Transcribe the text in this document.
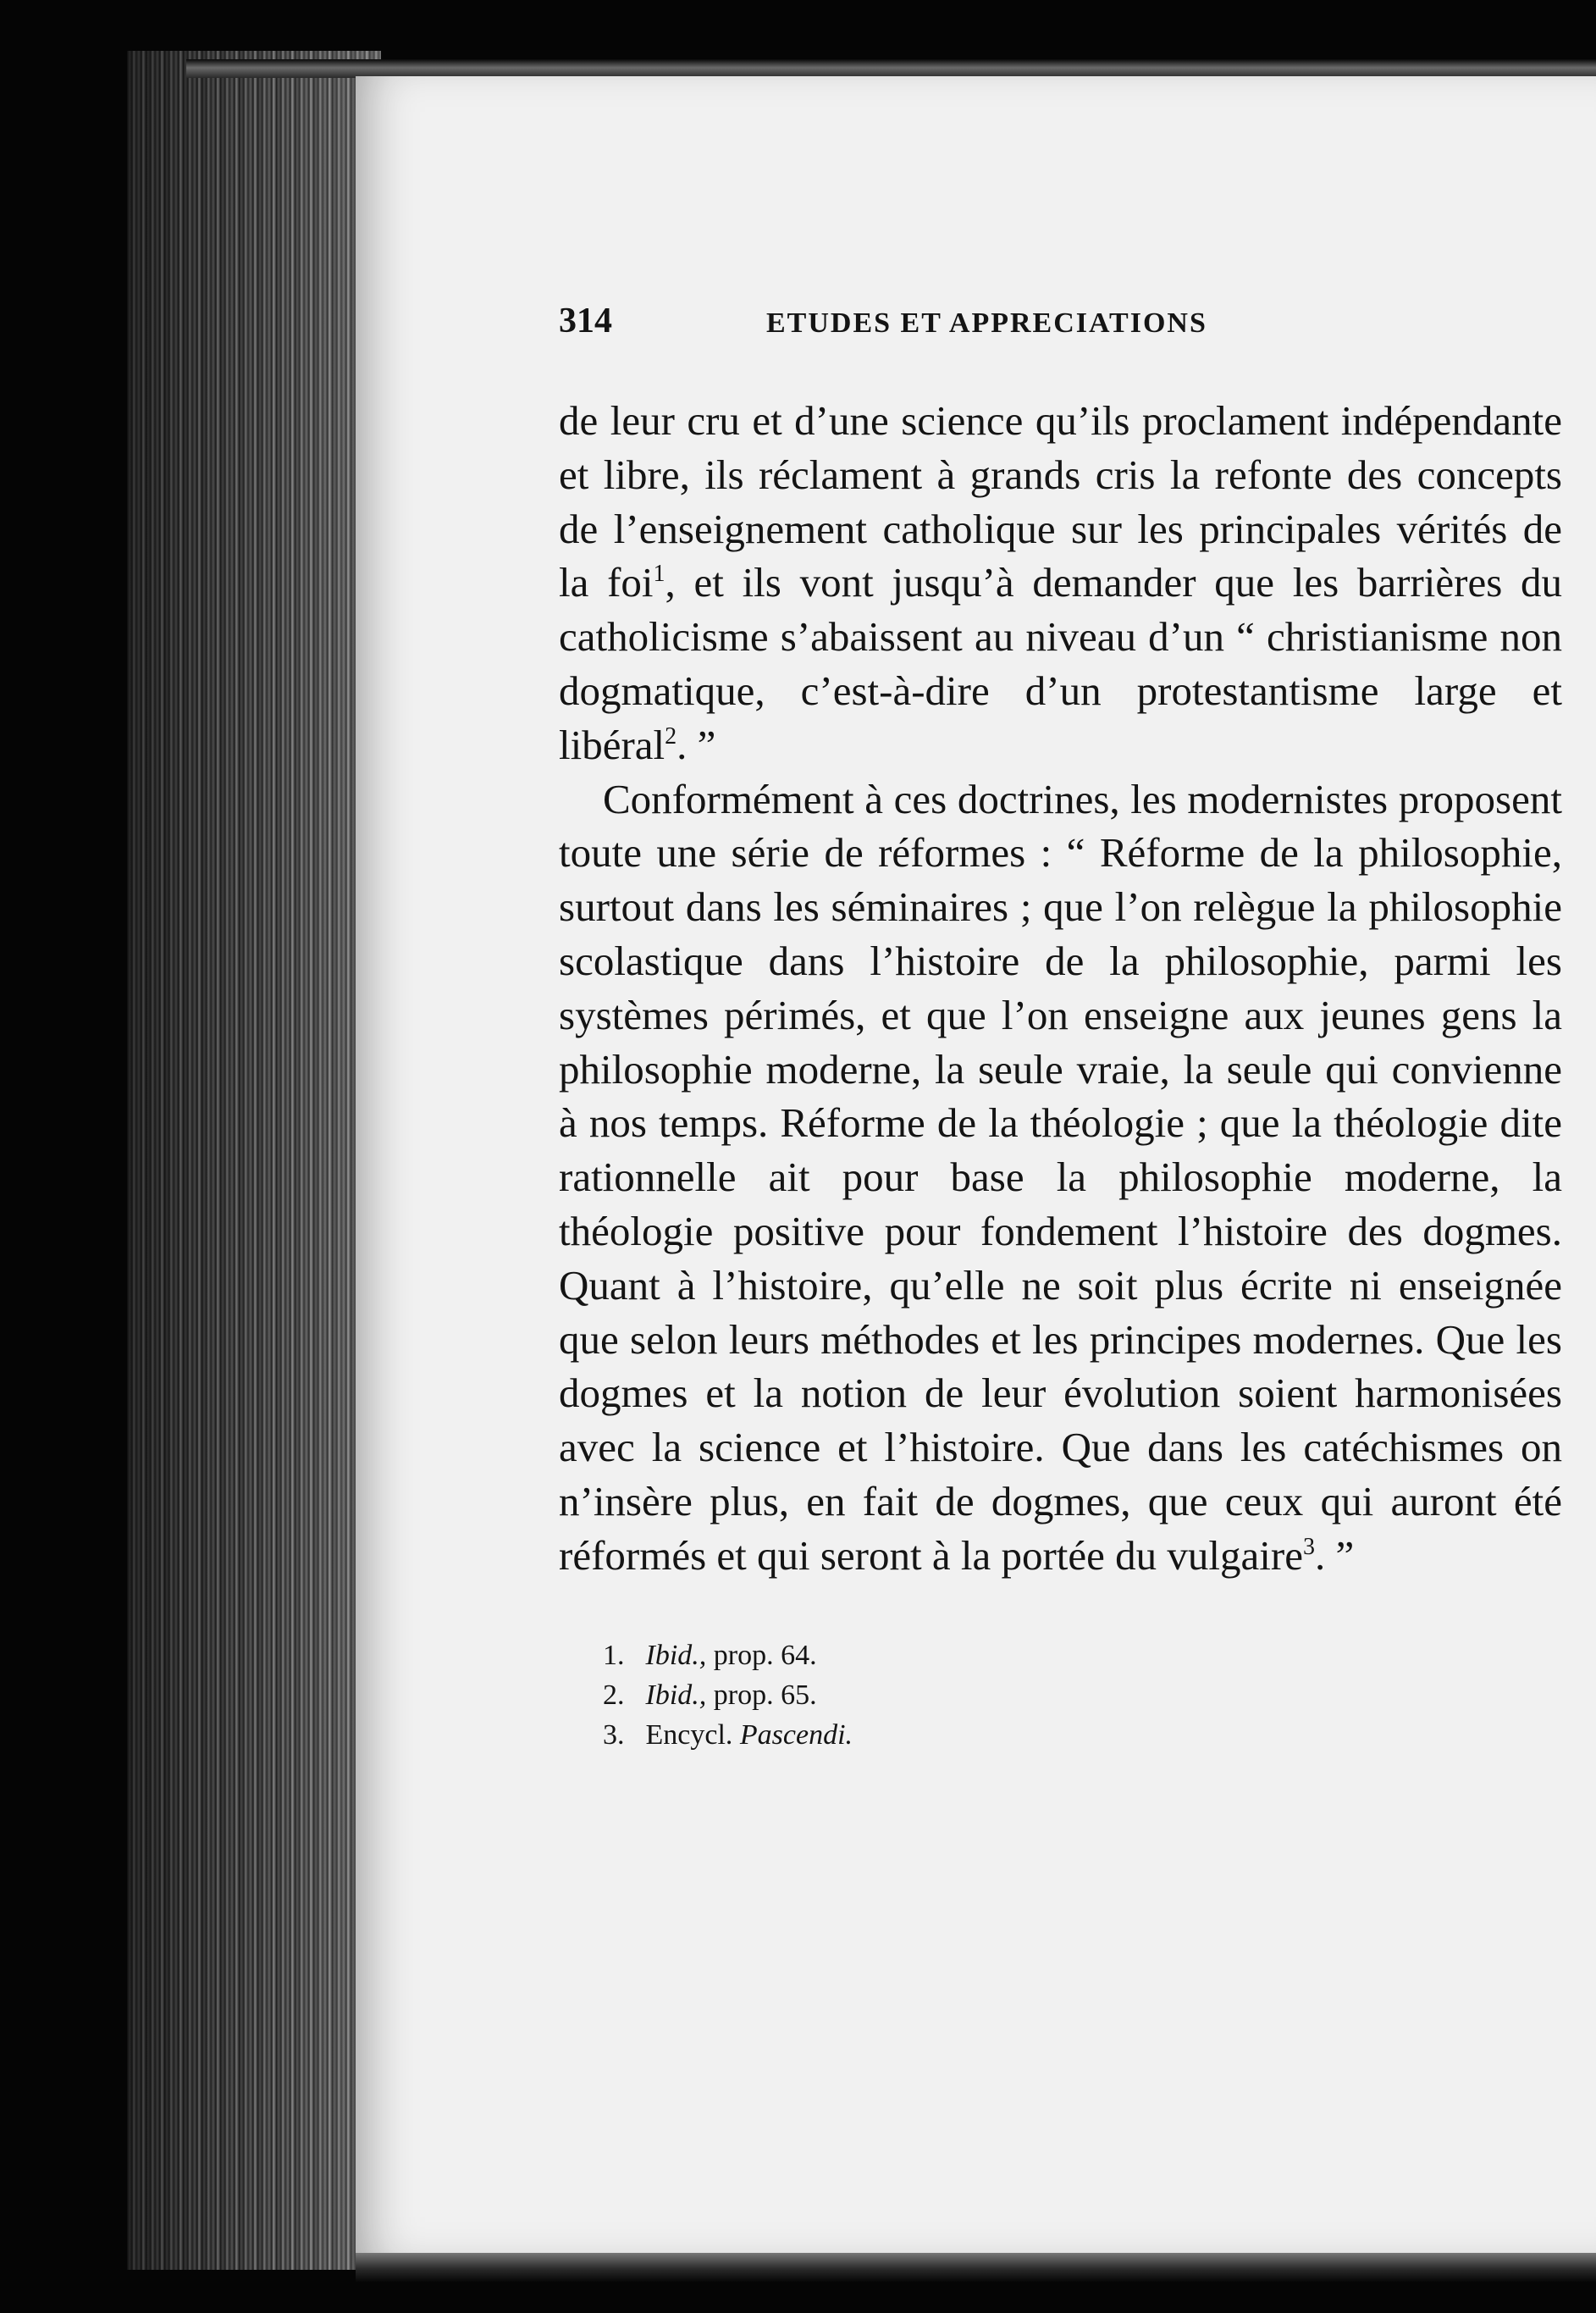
314	ETUDES ET APPRECIATIONS

de leur cru et d’une science qu’ils proclament indépendante et libre, ils réclament à grands cris la refonte des concepts de l’enseignement catholique sur les principales vérités de la foi$^1$, et ils vont jusqu’à demander que les barrières du catholicisme s’abaissent au niveau d’un “ christianisme non dogmatique, c’est-à-dire d’un protestantisme large et libéral$^2$. ”

Conformément à ces doctrines, les modernistes proposent toute une série de réformes : “ Réforme de la philosophie, surtout dans les séminaires ; que l’on relègue la philosophie scolastique dans l’histoire de la philosophie, parmi les systèmes périmés, et que l’on enseigne aux jeunes gens la philosophie moderne, la seule vraie, la seule qui convienne à nos temps. Réforme de la théologie ; que la théologie dite rationnelle ait pour base la philosophie moderne, la théologie positive pour fondement l’histoire des dogmes. Quant à l’histoire, qu’elle ne soit plus écrite ni enseignée que selon leurs méthodes et les principes modernes. Que les dogmes et la notion de leur évolution soient harmonisées avec la science et l’histoire. Que dans les catéchismes on n’insère plus, en fait de dogmes, que ceux qui auront été réformés et qui seront à la portée du vulgaire$^3$. ”

1. Ibid., prop. 64.
2. Ibid., prop. 65.
3. Encycl. Pascendi.
